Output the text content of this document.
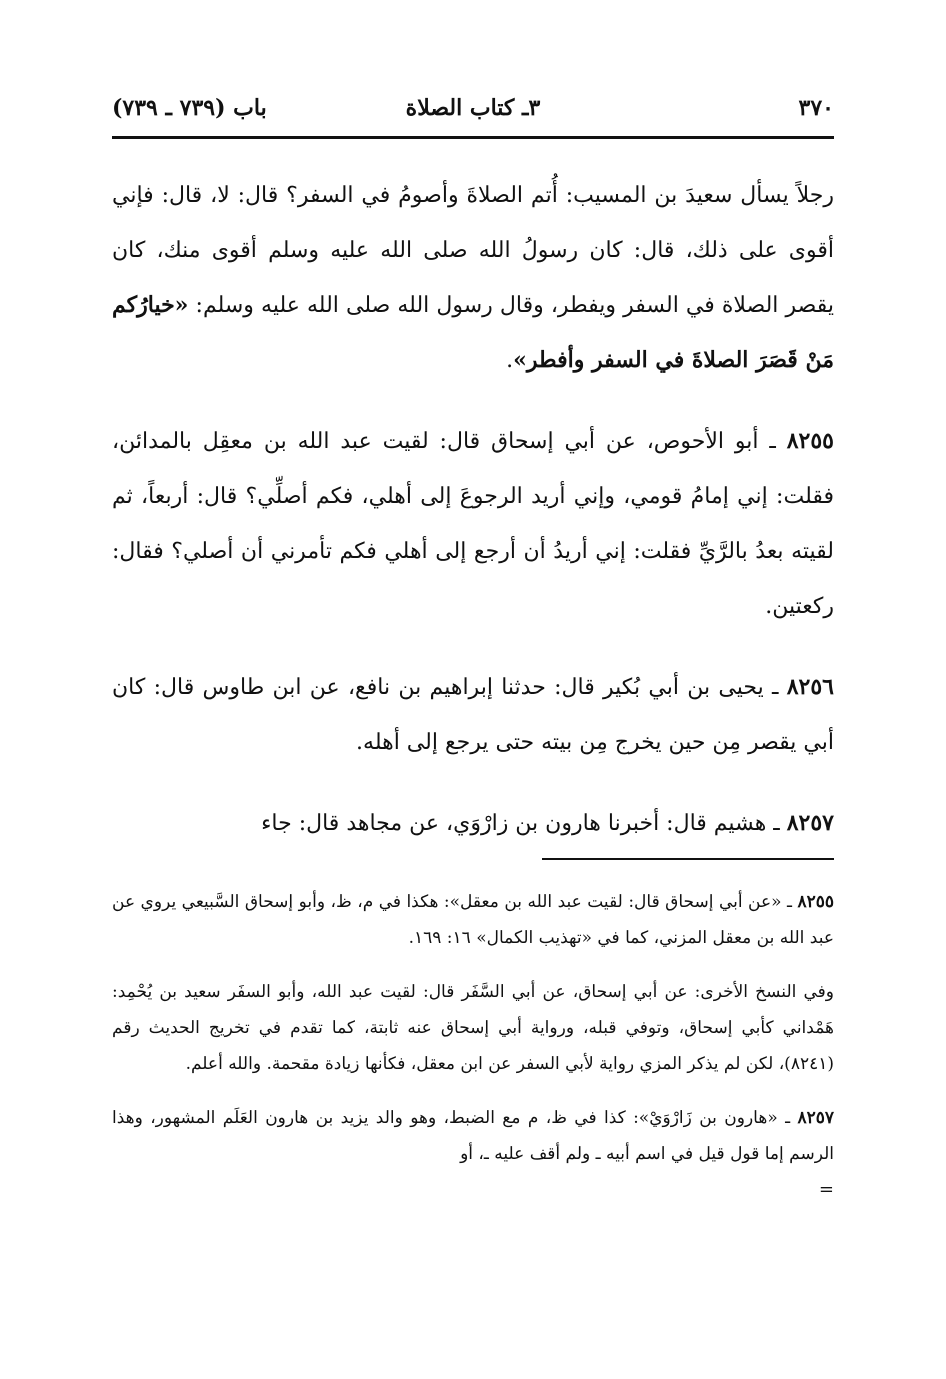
٣٧٠
٣ـ كتاب الصلاة
باب (٧٣٩ ـ ٧٣٩)

رجلاً يسأل سعيدَ بن المسيب: أُتم الصلاةَ وأصومُ في السفر؟ قال: لا، قال: فإني أقوى على ذلك، قال: كان رسولُ الله صلى الله عليه وسلم أقوى منك، كان يقصر الصلاة في السفر ويفطر، وقال رسول الله صلى الله عليه وسلم: «خيارُكم مَنْ قَصَرَ الصلاةَ في السفر وأفطر».

٨٢٥٥ ـ أبو الأحوص، عن أبي إسحاق قال: لقيت عبد الله بن معقِل بالمدائن، فقلت: إني إمامُ قومي، وإني أريد الرجوعَ إلى أهلي، فكم أصلِّي؟ قال: أربعاً، ثم لقيته بعدُ بالرَّيِّ فقلت: إني أريدُ أن أرجع إلى أهلي فكم تأمرني أن أصلي؟ فقال: ركعتين.

٨٢٥٦ ـ يحيى بن أبي بُكير قال: حدثنا إبراهيم بن نافع، عن ابن طاوس قال: كان أبي يقصر مِن حين يخرج مِن بيته حتى يرجع إلى أهله.

٨٢٥٧ ـ هشيم قال: أخبرنا هارون بن زارْوَي، عن مجاهد قال: جاء

٨٢٥٥ ـ «عن أبي إسحاق قال: لقيت عبد الله بن معقل»: هكذا في م، ظ، وأبو إسحاق السَّبيعي يروي عن عبد الله بن معقل المزني، كما في «تهذيب الكمال» ١٦: ١٦٩.

وفي النسخ الأخرى: عن أبي إسحاق، عن أبي السَّفَر قال: لقيت عبد الله، وأبو السفَر سعيد بن يُحْمِد: هَمْداني كأبي إسحاق، وتوفي قبله، ورواية أبي إسحاق عنه ثابتة، كما تقدم في تخريج الحديث رقم (٨٢٤١)، لكن لم يذكر المزي رواية لأبي السفر عن ابن معقل، فكأنها زيادة مقحمة. والله أعلم.

٨٢٥٧ ـ «هارون بن زَارْوَيْ»: كذا في ظ، م مع الضبط، وهو والد يزيد بن هارون العَلَم المشهور، وهذا الرسم إما قول قيل في اسم أبيه ـ ولم أقف عليه ـ، أو

=
